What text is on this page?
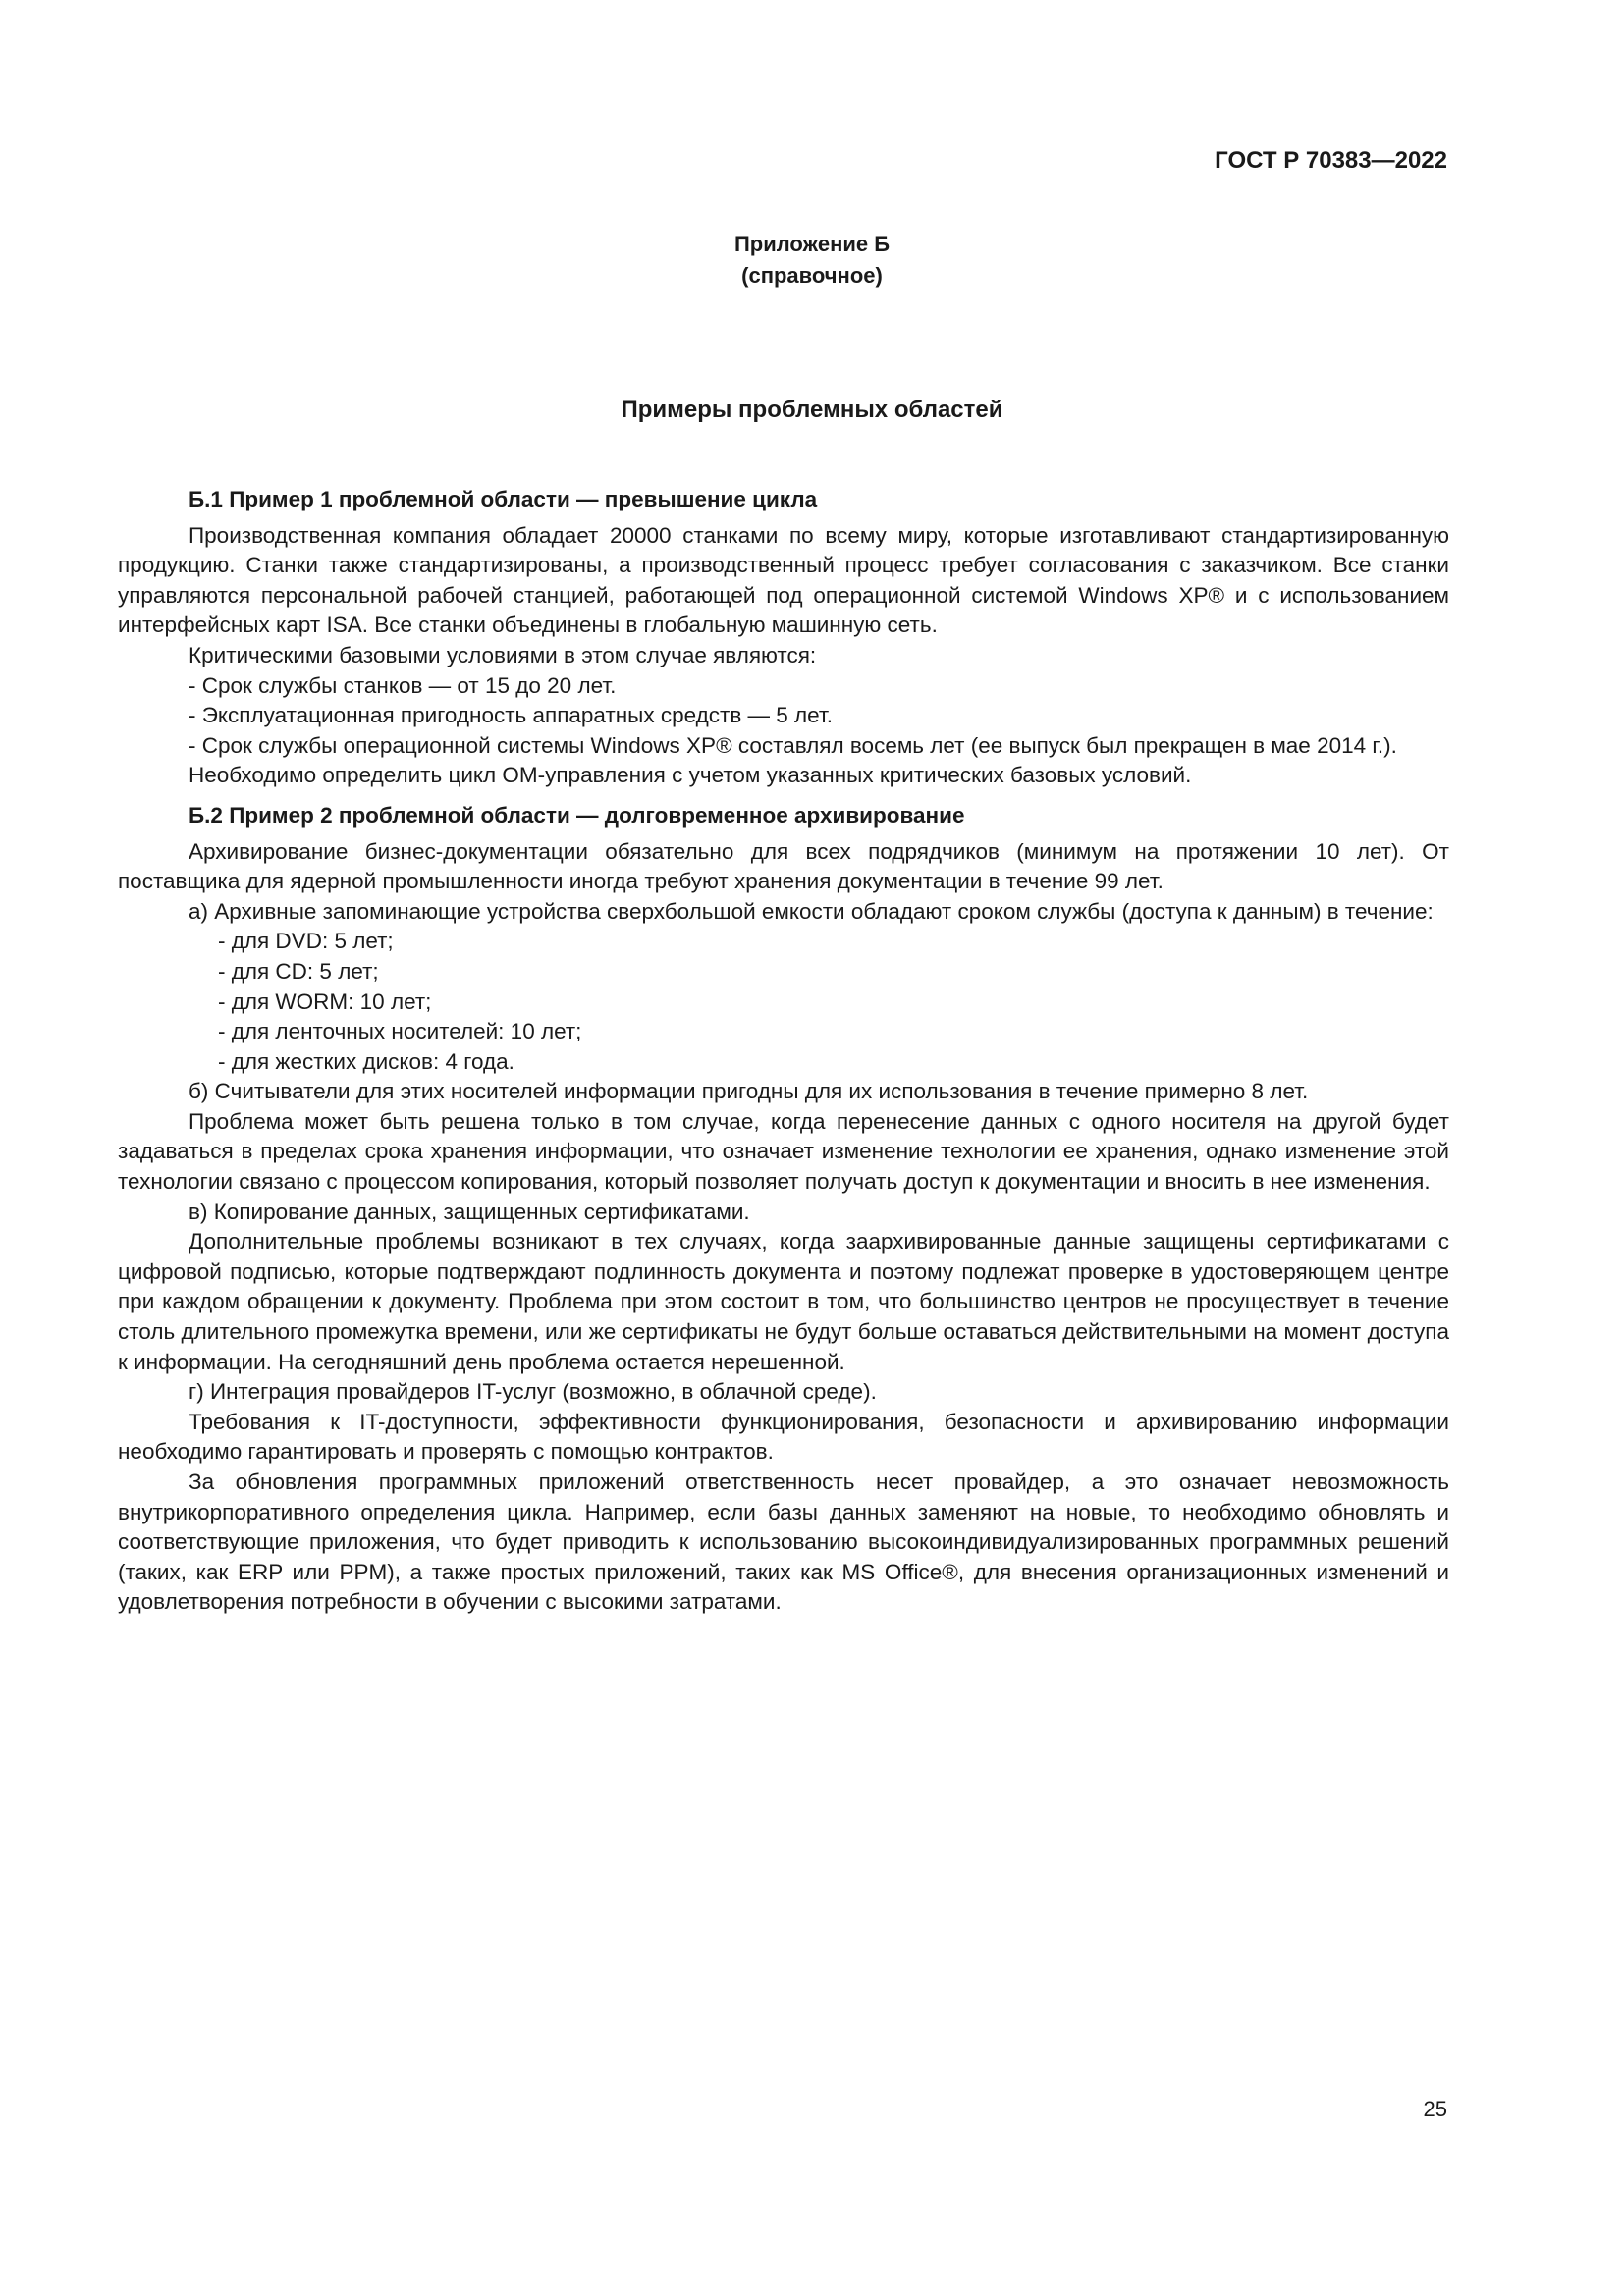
ГОСТ Р 70383—2022
Приложение Б
(справочное)
Примеры проблемных областей

Б.1 Пример 1 проблемной области — превышение цикла

Производственная компания обладает 20000 станками по всему миру, которые изготавливают стандартизированную продукцию. Станки также стандартизированы, а производственный процесс требует согласования с заказчиком. Все станки управляются персональной рабочей станцией, работающей под операционной системой Windows XP® и с использованием интерфейсных карт ISA. Все станки объединены в глобальную машинную сеть.

Критическими базовыми условиями в этом случае являются:

- Срок службы станков — от 15 до 20 лет.

- Эксплуатационная пригодность аппаратных средств — 5 лет.

- Срок службы операционной системы Windows XP® составлял восемь лет (ее выпуск был прекращен в мае 2014 г.).

Необходимо определить цикл ОМ-управления с учетом указанных критических базовых условий.

Б.2 Пример 2 проблемной области — долговременное архивирование

Архивирование бизнес-документации обязательно для всех подрядчиков (минимум на протяжении 10 лет). От поставщика для ядерной промышленности иногда требуют хранения документации в течение 99 лет.

а) Архивные запоминающие устройства сверхбольшой емкости обладают сроком службы (доступа к данным) в течение:

- для DVD: 5 лет;

- для CD: 5 лет;

- для WORM: 10 лет;

- для ленточных носителей: 10 лет;

- для жестких дисков: 4 года.

б) Считыватели для этих носителей информации пригодны для их использования в течение примерно 8 лет.

Проблема может быть решена только в том случае, когда перенесение данных с одного носителя на другой будет задаваться в пределах срока хранения информации, что означает изменение технологии ее хранения, однако изменение этой технологии связано с процессом копирования, который позволяет получать доступ к документации и вносить в нее изменения.

в) Копирование данных, защищенных сертификатами.

Дополнительные проблемы возникают в тех случаях, когда заархивированные данные защищены сертификатами с цифровой подписью, которые подтверждают подлинность документа и поэтому подлежат проверке в удостоверяющем центре при каждом обращении к документу. Проблема при этом состоит в том, что большинство центров не просуществует в течение столь длительного промежутка времени, или же сертификаты не будут больше оставаться действительными на момент доступа к информации. На сегодняшний день проблема остается нерешенной.

г) Интеграция провайдеров IT-услуг (возможно, в облачной среде).

Требования к IT-доступности, эффективности функционирования, безопасности и архивированию информации необходимо гарантировать и проверять с помощью контрактов.

За обновления программных приложений ответственность несет провайдер, а это означает невозможность внутрикорпоративного определения цикла. Например, если базы данных заменяют на новые, то необходимо обновлять и соответствующие приложения, что будет приводить к использованию высокоиндивидуализированных программных решений (таких, как ERP или PPM), а также простых приложений, таких как MS Office®, для внесения организационных изменений и удовлетворения потребности в обучении с высокими затратами.

25
